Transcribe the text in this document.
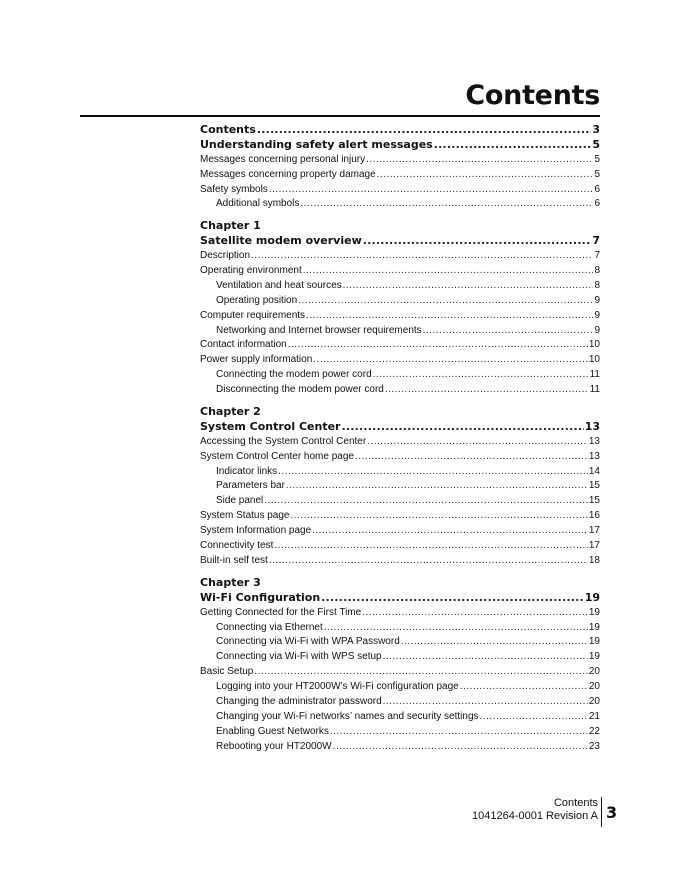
Contents
Contents .....	3
Understanding safety alert messages .....	5
Messages concerning personal injury .....	5
Messages concerning property damage .....	5
Safety symbols .....	6
Additional symbols .....	6
Chapter 1
Satellite modem overview .....	7
Description .....	7
Operating environment .....	8
Ventilation and heat sources .....	8
Operating position .....	9
Computer requirements .....	9
Networking and Internet browser requirements .....	9
Contact information .....	10
Power supply information .....	10
Connecting the modem power cord .....	11
Disconnecting the modem power cord .....	11
Chapter 2
System Control Center .....	13
Accessing the System Control Center .....	13
System Control Center home page .....	13
Indicator links .....	14
Parameters bar .....	15
Side panel .....	15
System Status page .....	16
System Information page .....	17
Connectivity test .....	17
Built-in self test .....	18
Chapter 3
Wi-Fi Configuration .....	19
Getting Connected for the First Time .....	19
Connecting via Ethernet .....	19
Connecting via Wi-Fi with WPA Password .....	19
Connecting via Wi-Fi with WPS setup .....	19
Basic Setup .....	20
Logging into your HT2000W’s Wi-Fi configuration page .....	20
Changing the administrator password .....	20
Changing your Wi-Fi networks’ names and security settings .....	21
Enabling Guest Networks .....	22
Rebooting your HT2000W .....	23
Contents
1041264-0001 Revision A 3
